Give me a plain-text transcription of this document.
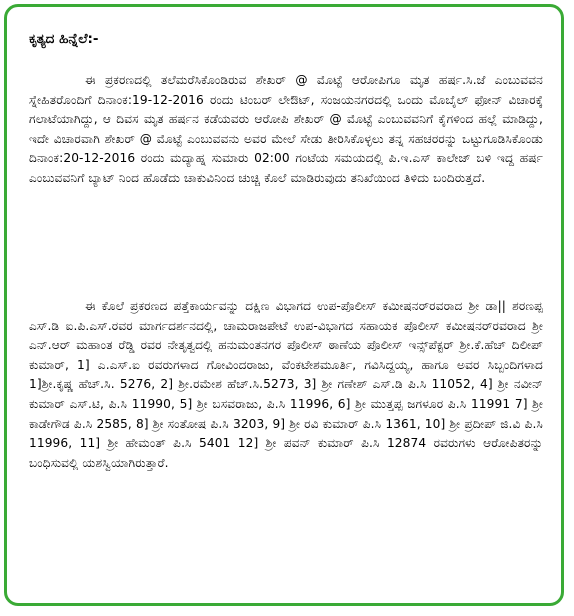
ಕೃತ್ಯದ ಹಿನ್ನೆಲೆ:-

ಈ ಪ್ರಕರಣದಲ್ಲಿ ತಲೆಮರೆಸಿಕೊಂಡಿರುವ ಶೇಖರ್ @ ಮೊಟ್ಟೆ ಆರೋಪಿಗೂ ಮೃತ ಹರ್ಷ.ಸಿ.ಜೆ ಎಂಬುವವನ ಸ್ನೇಹಿತರೊಂದಿಗೆ ದಿನಾಂಕ:19-12-2016 ರಂದು ಟಿಂಬರ್ ಲೇಔಟ್, ಸಂಜಯನಗರದಲ್ಲಿ ಒಂದು ಮೊಬೈಲ್ ಫೋನ್ ವಿಚಾರಕ್ಕೆ ಗಲಾಟೆಯಾಗಿದ್ದು, ಆ ದಿವಸ ಮೃತ ಹರ್ಷನ ಕಡೆಯವರು ಆರೋಪಿ ಶೇಖರ್ @ ಮೊಟ್ಟೆ ಎಂಬುವವನಿಗೆ ಕೈಗಳಿಂದ ಹಲ್ಲೆ ಮಾಡಿದ್ದು, ಇದೇ ವಿಚಾರವಾಗಿ ಶೇಖರ್ @ ಮೊಟ್ಟೆ ಎಂಬುವವನು ಅವರ ಮೇಲೆ ಸೇಡು ತೀರಿಸಿಕೊಳ್ಳಲು ತನ್ನ ಸಹಚರರನ್ನು ಒಟ್ಟುಗೂಡಿಸಿಕೊಂಡು ದಿನಾಂಕ:20-12-2016 ರಂದು ಮದ್ಯಾಹ್ನ ಸುಮಾರು 02:00 ಗಂಟೆಯ ಸಮಯದಲ್ಲಿ ಪಿ.ಇ.ಎಸ್ ಕಾಲೇಜ್ ಬಳಿ ಇದ್ದ ಹರ್ಷ ಎಂಬುವವನಿಗೆ ಬ್ಯಾಟ್ ನಿಂದ ಹೊಡೆದು ಚಾಕುವಿನಿಂದ ಚುಚ್ಚಿ ಕೊಲೆ ಮಾಡಿರುವುದು ತನಿಖೆಯಿಂದ ತಿಳಿದು ಬಂದಿರುತ್ತದೆ.

ಈ ಕೊಲೆ ಪ್ರಕರಣದ ಪತ್ತೆಕಾರ್ಯವನ್ನು ದಕ್ಷಿಣ ವಿಭಾಗದ ಉಪ-ಪೊಲೀಸ್ ಕಮೀಷನರ್‌ರವರಾದ ಶ್ರೀ ಡಾ|| ಶರಣಪ್ಪ ಎಸ್.ಡಿ ಐ.ಪಿ.ಎಸ್.ರವರ ಮಾರ್ಗದರ್ಶನದಲ್ಲಿ, ಚಾಮರಾಜಪೇಟೆ ಉಪ-ವಿಭಾಗದ ಸಹಾಯಕ ಪೊಲೀಸ್ ಕಮೀಷನರ್‌ರವರಾದ ಶ್ರೀ ಎನ್.ಆರ್ ಮಹಾಂತ ರೆಡ್ಡಿ ರವರ ನೇತೃತ್ವದಲ್ಲಿ ಹನುಮಂತನಗರ ಪೊಲೀಸ್ ಠಾಣೆಯ ಪೊಲೀಸ್ ಇನ್ಸ್‌ಪೆಕ್ಟರ್ ಶ್ರೀ.ಕೆ.ಹೆಚ್ ದಿಲೀಪ್ ಕುಮಾರ್, 1] ಎ.ಎಸ್.ಐ ರವರುಗಳಾದ ಗೋವಿಂದರಾಜು, ವೆಂಕಟೇಶಮೂರ್ತಿ, ಗವಿಸಿದ್ದಯ್ಯ, ಹಾಗೂ ಅವರ ಸಿಬ್ಬಂದಿಗಳಾದ 1]ಶ್ರೀ.ಕೃಷ್ಣ ಹೆಚ್.ಸಿ. 5276, 2] ಶ್ರೀ.ರಮೇಶ ಹೆಚ್.ಸಿ.5273, 3] ಶ್ರೀ ಗಣೇಶ್ ಎಸ್.ಡಿ ಪಿ.ಸಿ 11052, 4] ಶ್ರೀ ನವೀನ್ ಕುಮಾರ್ ಎಸ್.ಟಿ, ಪಿ.ಸಿ 11990, 5] ಶ್ರೀ ಬಸವರಾಜು, ಪಿ.ಸಿ 11996, 6] ಶ್ರೀ ಮುತ್ತಪ್ಪ ಜಗಳೂರ ಪಿ.ಸಿ 11991 7] ಶ್ರೀ ಕಾಡೇಗೌಡ ಪಿ.ಸಿ 2585, 8] ಶ್ರೀ ಸಂತೋಷ ಪಿ.ಸಿ 3203, 9] ಶ್ರೀ ರವಿ ಕುಮಾರ್ ಪಿ.ಸಿ 1361, 10] ಶ್ರೀ ಪ್ರದೀಪ್ ಜಿ.ವಿ ಪಿ.ಸಿ 11996, 11] ಶ್ರೀ ಹೇಮಂತ್ ಪಿ.ಸಿ 5401 12] ಶ್ರೀ ಪವನ್ ಕುಮಾರ್ ಪಿ.ಸಿ 12874 ರವರುಗಳು ಆರೋಪಿತರನ್ನು ಬಂಧಿಸುವಲ್ಲಿ ಯಶಸ್ವಿಯಾಗಿರುತ್ತಾರೆ.
